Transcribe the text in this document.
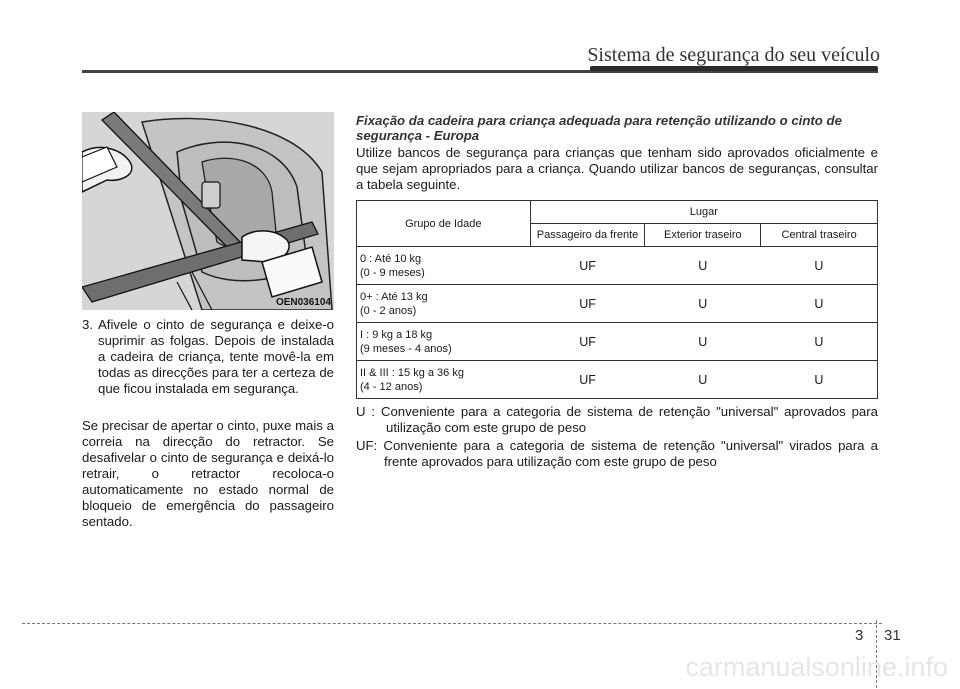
Sistema de segurança do seu veículo
OEN036104
3. Afivele o cinto de segurança e deixe-o suprimir as folgas. Depois de instalada a cadeira de criança, tente movê-la em todas as direcções para ter a certeza de que ficou instalada em segurança.
Se precisar de apertar o cinto, puxe mais a correia na direcção do retractor. Se desafivelar o cinto de segurança e deixá-lo retrair, o retractor recoloca-o automaticamente no estado normal de bloqueio de emergência do passageiro sentado.
Fixação da cadeira para criança adequada para retenção utilizando o cinto de segurança - Europa
Utilize bancos de segurança para crianças que tenham sido aprovados oficialmente e que sejam apropriados para a criança. Quando utilizar bancos de seguranças, consultar a tabela seguinte.
Grupo de Idade	Lugar		
	Passageiro da frente	Exterior traseiro	Central traseiro
0 : Até 10 kg
(0 - 9 meses)	UF	U	U
0+ : Até 13 kg
(0 - 2 anos)	UF	U	U
I : 9 kg a 18 kg
(9 meses - 4 anos)	UF	U	U
II & III : 15 kg a 36 kg
(4 - 12 anos)	UF	U	U
U : Conveniente para a categoria de sistema de retenção "universal" aprovados para utilização com este grupo de peso
UF: Conveniente para a categoria de sistema de retenção "universal" virados para a frente aprovados para utilização com este grupo de peso
3 31
carmanualsonline.info
